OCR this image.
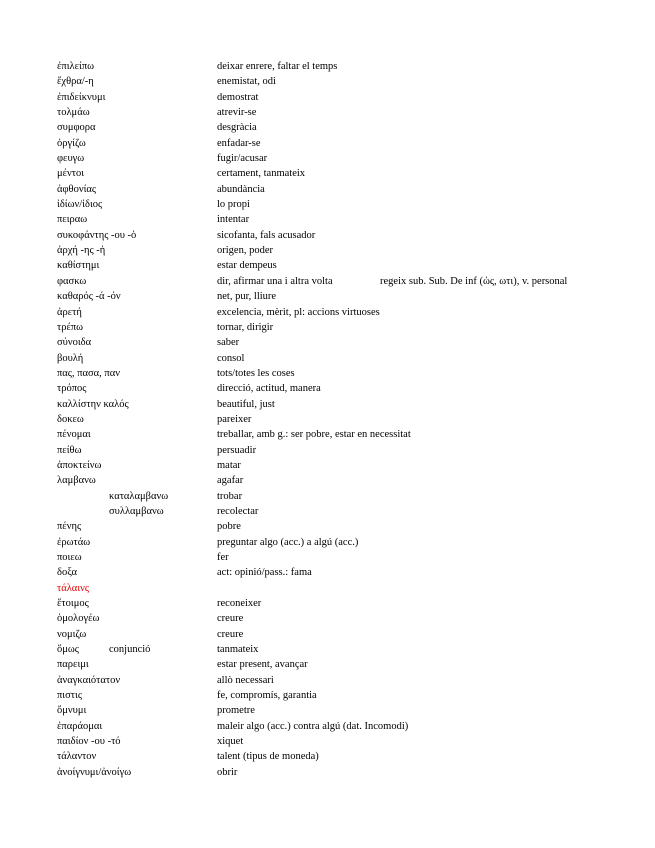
ἐπιλείπω	deixar enrere, faltar el temps
ἔχθρα/-η	enemistat, odi
ἐπιδείκνυμι	demostrat
τολμάω	atrevir-se
συμφορα	desgràcia
ὀργίζω	enfadar-se
φευγω	fugir/acusar
μέντοι	certament, tanmateix
ἀφθονίας	abundància
ἰδίων/ἰδιος	lo propi
πειραω	intentar
συκοφάντης -ου -ὁ	sicofanta, fals acusador
ἀρχή -ης -ἡ	origen, poder
καθίστημι	estar dempeus
φασκω	dir, afirmar una i altra volta	regeix sub. Sub. De inf (ὡς, ωτι), v. personal
καθαρός -ά -όν	net, pur, lliure
ἀρετή	excelencia, mèrit, pl: accions virtuoses
τρέπω	tornar, dirigir
σύνοιδα	saber
βουλή	consol
πας, πασα, παν	tots/totes les coses
τρόπος	direcció, actitud, manera
καλλίστην καλός	beautiful, just
δοκεω	pareixer
πένομαι	treballar, amb g.: ser pobre, estar en necessitat
πείθω	persuadir
ἀποκτείνω	matar
λαμβανω	agafar
καταλαμβανω	trobar
συλλαμβανω	recolectar
πένης	pobre
ἐρωτάω	preguntar algo (acc.) a algú (acc.)
ποιεω	fer
δοξα	act: opinió/pass.: fama
τάλαινς
ἕτοιμος	reconeixer
ὁμολογέω	creure
νομιζω	creure
ὅμως	conjunció	tanmateix
παρειμι	estar present, avançar
ἀναγκαιότατον	allò necessari
πιστις	fe, compromís, garantia
ὄμνυμι	prometre
ἐπαράομαι	maleir algo (acc.) contra algú (dat. Incomodi)
παιδίον -ου -τό	xiquet
τάλαντον	talent (tipus de moneda)
ἀνοίγνυμι/ἀνοίγω	obrir
